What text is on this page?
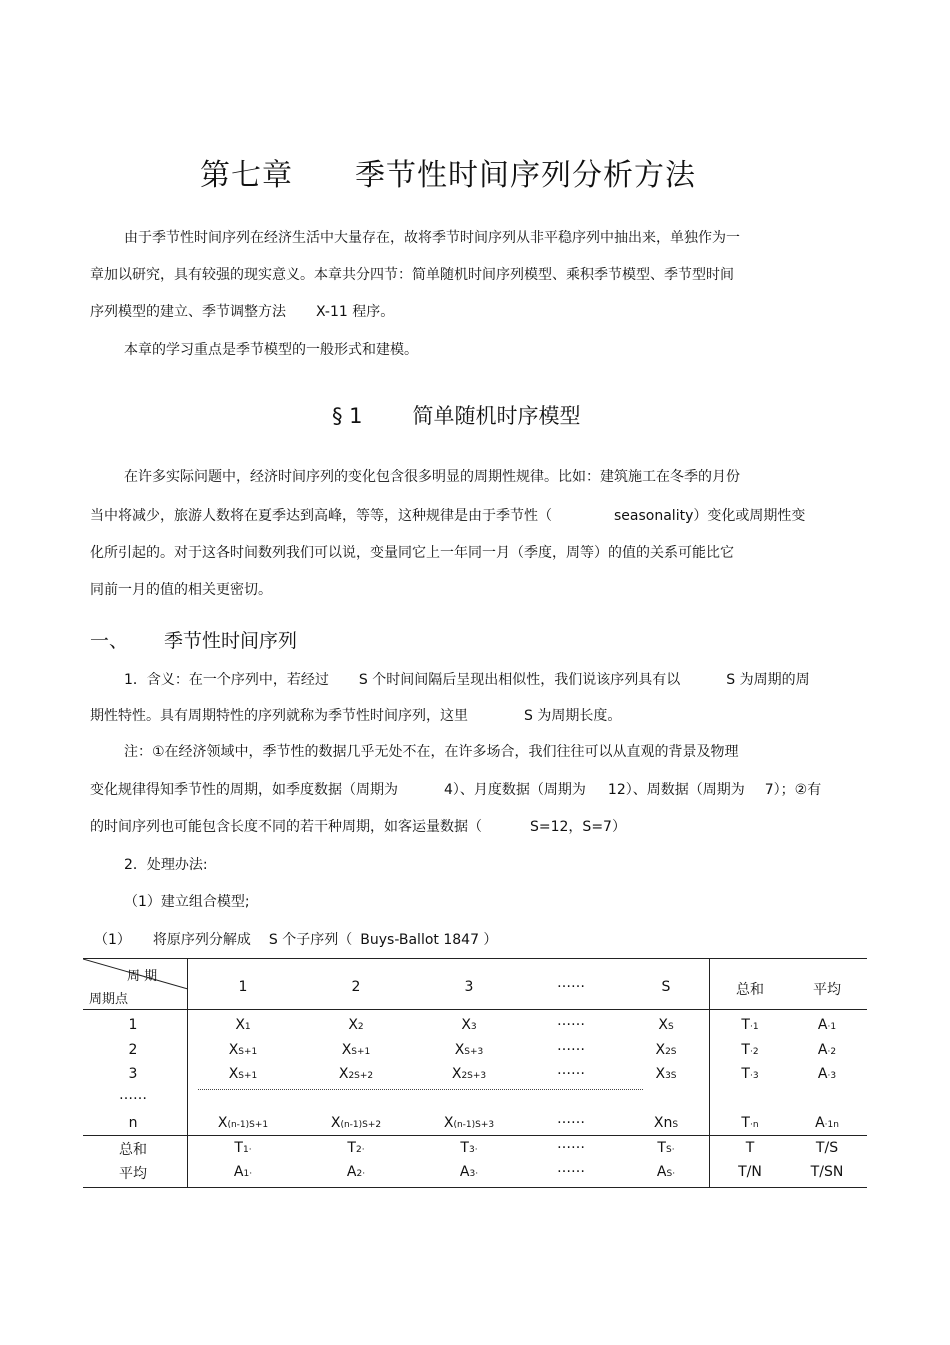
第七章 季节性时间序列分析方法
由于季节性时间序列在经济生活中大量存在，故将季节时间序列从非平稳序列中抽出来，单独作为一
章加以研究，具有较强的现实意义。本章共分四节：简单随机时间序列模型、乘积季节模型、季节型时间
序列模型的建立、季节调整方法 X-11 程序。
本章的学习重点是季节模型的一般形式和建模。
§ 1 简单随机时序模型
在许多实际问题中，经济时间序列的变化包含很多明显的周期性规律。比如：建筑施工在冬季的月份
当中将减少，旅游人数将在夏季达到高峰，等等，这种规律是由于季节性（	seasonality）变化或周期性变
化所引起的。对于这各时间数列我们可以说，变量同它上一年同一月（季度，周等）的值的关系可能比它
同前一月的值的相关更密切。
一、 季节性时间序列
1．含义：在一个序列中，若经过 S 个时间间隔后呈现出相似性，我们说该序列具有以	S 为周期的周
期性特性。具有周期特性的序列就称为季节性时间序列，这里	S 为周期长度。
注：①在经济领域中，季节性的数据几乎无处不在，在许多场合，我们往往可以从直观的背景及物理
变化规律得知季节性的周期，如季度数据（周期为	4）、月度数据（周期为 12）、周数据（周期为 7）；②有
的时间序列也可能包含长度不同的若干种周期，如客运量数据（	S=12，S=7）
2．处理办法:
（1）建立组合模型;
（1） 将原序列分解成 S 个子序列（ Buys-Ballot 1847 ）
周 期
周期点
1	2	3	……	S	总和	平均
1	X1	X2	X3	……	XS	T·1	A·1
2	XS+1	XS+1	XS+3	……	X2S	T·2	A·2
3	XS+1	X2S+2	X2S+3	……	X3S	T·3	A·3
……
n	X(n-1)S+1	X(n-1)S+2	X(n-1)S+3	……	XnS	T·n	A·1n
总和	T1·	T2·	T3·	……	TS·	T	T/S
平均	A1·	A2·	A3·	……	AS·	T/N	T/SN
